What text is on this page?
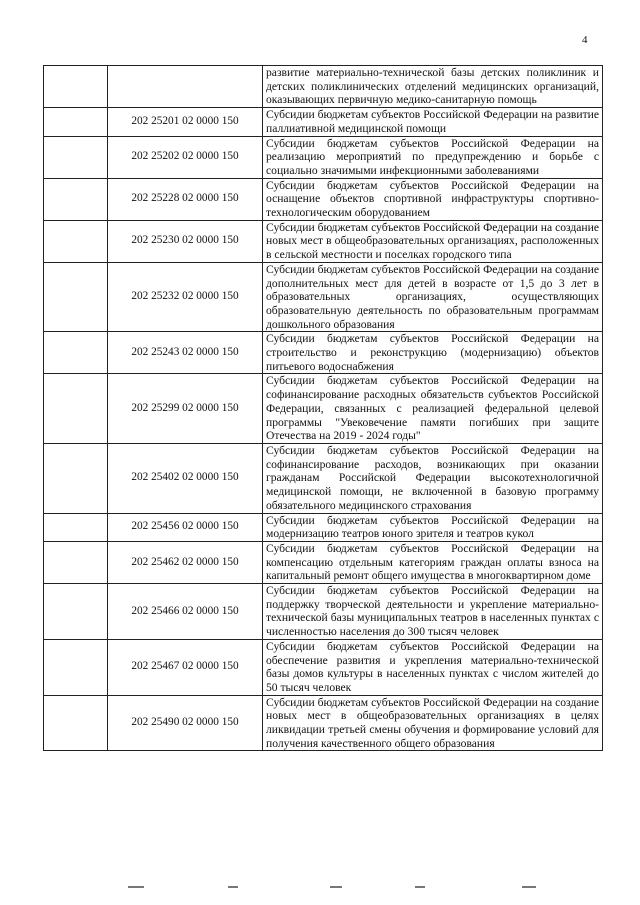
4
		развитие материально-технической базы детских поликлиник и детских поликлинических отделений медицинских организаций, оказывающих первичную медико-санитарную помощь
	202 25201 02 0000 150	Субсидии бюджетам субъектов Российской Федерации на развитие паллиативной медицинской помощи
	202 25202 02 0000 150	Субсидии бюджетам субъектов Российской Федерации на реализацию мероприятий по предупреждению и борьбе с социально значимыми инфекционными заболеваниями
	202 25228 02 0000 150	Субсидии бюджетам субъектов Российской Федерации на оснащение объектов спортивной инфраструктуры спортивно-технологическим оборудованием
	202 25230 02 0000 150	Субсидии бюджетам субъектов Российской Федерации на создание новых мест в общеобразовательных организациях, расположенных в сельской местности и поселках городского типа
	202 25232 02 0000 150	Субсидии бюджетам субъектов Российской Федерации на создание дополнительных мест для детей в возрасте от 1,5 до 3 лет в образовательных организациях, осуществляющих образовательную деятельность по образовательным программам дошкольного образования
	202 25243 02 0000 150	Субсидии бюджетам субъектов Российской Федерации на строительство и реконструкцию (модернизацию) объектов питьевого водоснабжения
	202 25299 02 0000 150	Субсидии бюджетам субъектов Российской Федерации на софинансирование расходных обязательств субъектов Российской Федерации, связанных с реализацией федеральной целевой программы "Увековечение памяти погибших при защите Отечества на 2019 - 2024 годы"
	202 25402 02 0000 150	Субсидии бюджетам субъектов Российской Федерации на софинансирование расходов, возникающих при оказании гражданам Российской Федерации высокотехнологичной медицинской помощи, не включенной в базовую программу обязательного медицинского страхования
	202 25456 02 0000 150	Субсидии бюджетам субъектов Российской Федерации на модернизацию театров юного зрителя и театров кукол
	202 25462 02 0000 150	Субсидии бюджетам субъектов Российской Федерации на компенсацию отдельным категориям граждан оплаты взноса на капитальный ремонт общего имущества в многоквартирном доме
	202 25466 02 0000 150	Субсидии бюджетам субъектов Российской Федерации на поддержку творческой деятельности и укрепление материально-технической базы муниципальных театров в населенных пунктах с численностью населения до 300 тысяч человек
	202 25467 02 0000 150	Субсидии бюджетам субъектов Российской Федерации на обеспечение развития и укрепления материально-технической базы домов культуры в населенных пунктах с числом жителей до 50 тысяч человек
	202 25490 02 0000 150	Субсидии бюджетам субъектов Российской Федерации на создание новых мест в общеобразовательных организациях в целях ликвидации третьей смены обучения и формирование условий для получения качественного общего образования
